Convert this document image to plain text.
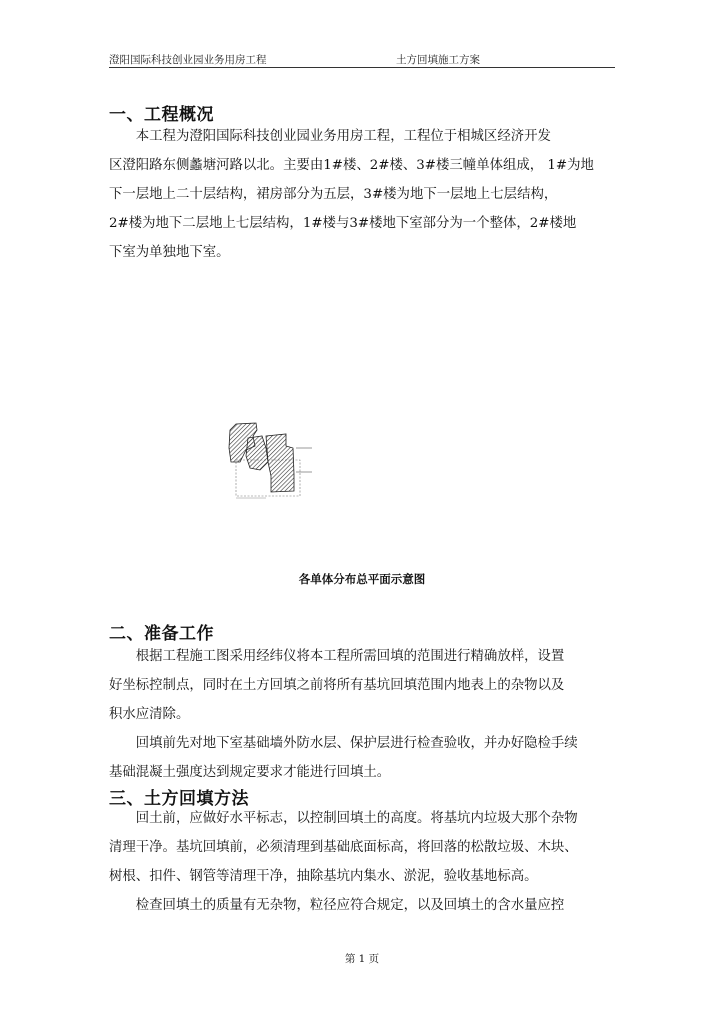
澄阳国际科技创业园业务用房工程	土方回填施工方案
一、工程概况
　　本工程为澄阳国际科技创业园业务用房工程，工程位于相城区经济开发
区澄阳路东侧蠡塘河路以北。主要由1#楼、2#楼、3#楼三幢单体组成， 1#为地
下一层地上二十层结构，裙房部分为五层，3#楼为地下一层地上七层结构，
2#楼为地下二层地上七层结构，1#楼与3#楼地下室部分为一个整体，2#楼地
下室为单独地下室。
各单体分布总平面示意图
二、准备工作
　　根据工程施工图采用经纬仪将本工程所需回填的范围进行精确放样，设置
好坐标控制点，同时在土方回填之前将所有基坑回填范围内地表上的杂物以及
积水应清除。
　　回填前先对地下室基础墙外防水层、保护层进行检查验收，并办好隐检手续
基础混凝土强度达到规定要求才能进行回填土。
三、土方回填方法
　　回土前，应做好水平标志，以控制回填土的高度。将基坑内垃圾大那个杂物
清理干净。基坑回填前，必须清理到基础底面标高，将回落的松散垃圾、木块、
树根、扣件、钢管等清理干净，抽除基坑内集水、淤泥，验收基地标高。
　　检查回填土的质量有无杂物，粒径应符合规定，以及回填土的含水量应控
第 1 页
